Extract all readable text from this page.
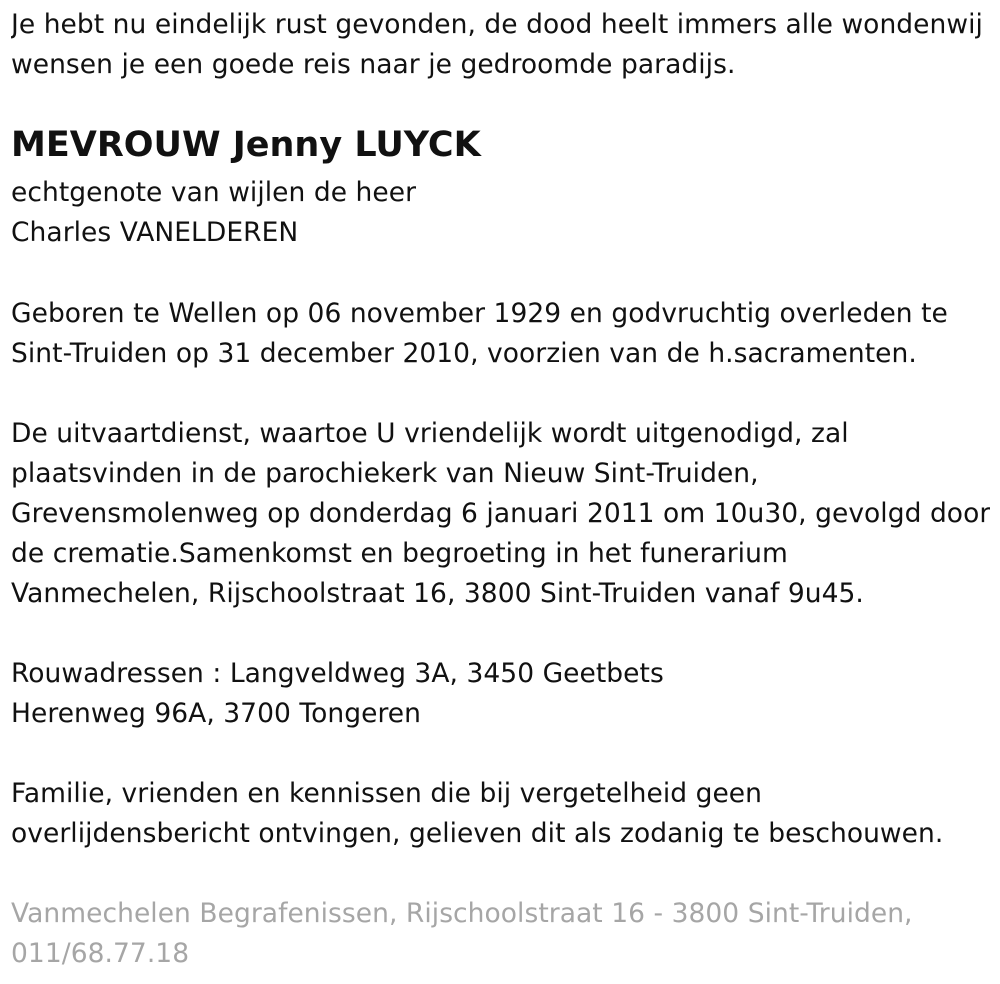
Je hebt nu eindelijk rust gevonden, de dood heelt immers alle wondenwij
wensen je een goede reis naar je gedroomde paradijs.
MEVROUW Jenny LUYCK
echtgenote van wijlen de heer
Charles VANELDEREN
Geboren te Wellen op 06 november 1929 en godvruchtig overleden te
Sint-Truiden op 31 december 2010, voorzien van de h.sacramenten.
De uitvaartdienst, waartoe U vriendelijk wordt uitgenodigd, zal
plaatsvinden in de parochiekerk van Nieuw Sint-Truiden,
Grevensmolenweg op donderdag 6 januari 2011 om 10u30, gevolgd door
de crematie.Samenkomst en begroeting in het funerarium
Vanmechelen, Rijschoolstraat 16, 3800 Sint-Truiden vanaf 9u45.
Rouwadressen : Langveldweg 3A, 3450 Geetbets
Herenweg 96A, 3700 Tongeren
Familie, vrienden en kennissen die bij vergetelheid geen
overlijdensbericht ontvingen, gelieven dit als zodanig te beschouwen.
Vanmechelen Begrafenissen, Rijschoolstraat 16 - 3800 Sint-Truiden,
011/68.77.18
